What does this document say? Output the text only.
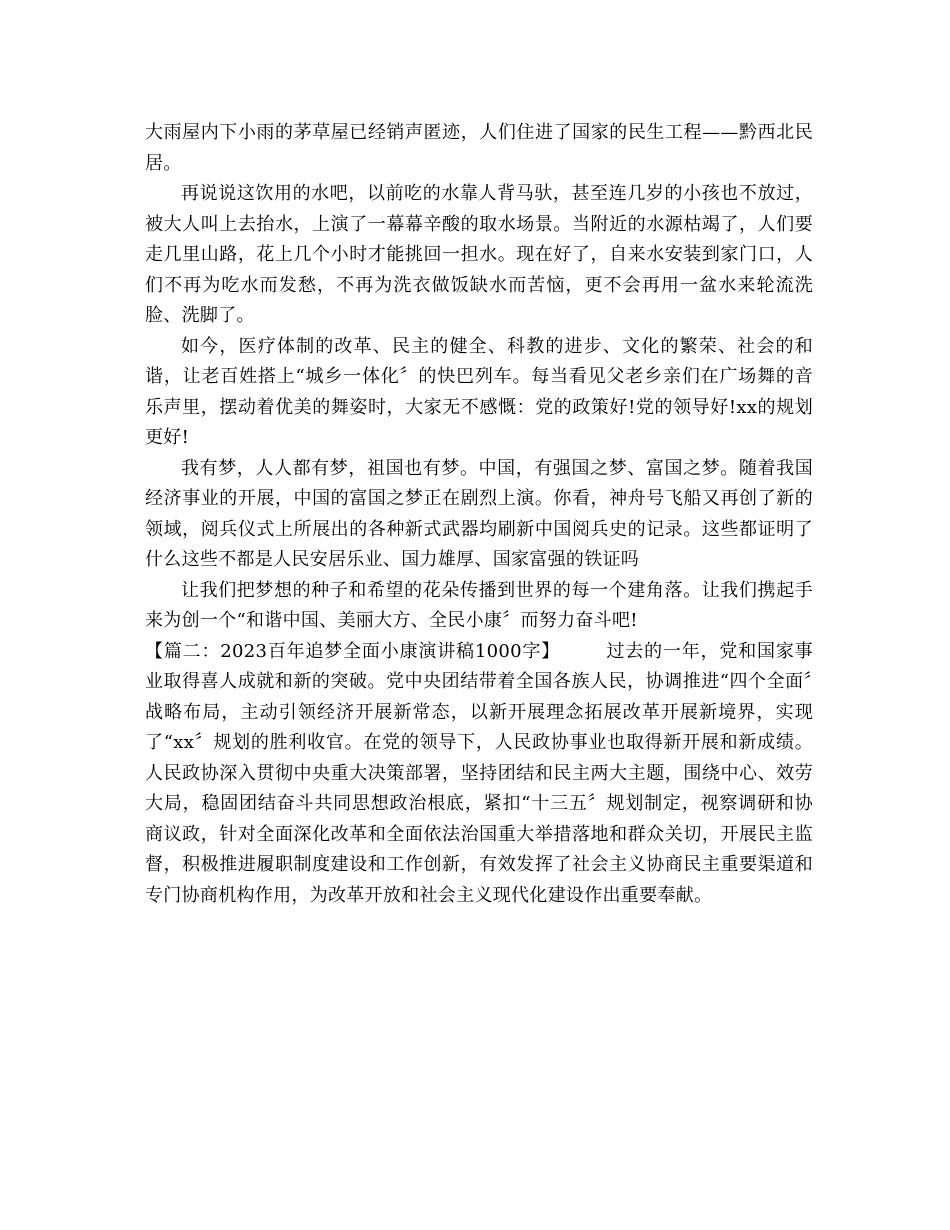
大雨屋内下小雨的茅草屋已经销声匿迹，人们住进了国家的民生工程——黔西北民居。

再说说这饮用的水吧，以前吃的水靠人背马驮，甚至连几岁的小孩也不放过，被大人叫上去抬水，上演了一幕幕辛酸的取水场景。当附近的水源枯竭了，人们要走几里山路，花上几个小时才能挑回一担水。现在好了，自来水安装到家门口，人们不再为吃水而发愁，不再为洗衣做饭缺水而苦恼，更不会再用一盆水来轮流洗脸、洗脚了。

如今，医疗体制的改革、民主的健全、科教的进步、文化的繁荣、社会的和谐，让老百姓搭上“城乡一体化〞的快巴列车。每当看见父老乡亲们在广场舞的音乐声里，摆动着优美的舞姿时，大家无不感慨：党的政策好!党的领导好!xx的规划更好!

我有梦，人人都有梦，祖国也有梦。中国，有强国之梦、富国之梦。随着我国经济事业的开展，中国的富国之梦正在剧烈上演。你看，神舟号飞船又再创了新的领域，阅兵仪式上所展出的各种新式武器均刷新中国阅兵史的记录。这些都证明了什么这些不都是人民安居乐业、国力雄厚、国家富强的铁证吗

让我们把梦想的种子和希望的花朵传播到世界的每一个建角落。让我们携起手来为创一个“和谐中国、美丽大方、全民小康〞而努力奋斗吧!

【篇二：2023百年追梦全面小康演讲稿1000字】   	过去的一年，党和国家事业取得喜人成就和新的突破。党中央团结带着全国各族人民，协调推进“四个全面〞战略布局，主动引领经济开展新常态，以新开展理念拓展改革开展新境界，实现了“xx〞规划的胜利收官。在党的领导下，人民政协事业也取得新开展和新成绩。人民政协深入贯彻中央重大决策部署，坚持团结和民主两大主题，围绕中心、效劳大局，稳固团结奋斗共同思想政治根底，紧扣“十三五〞规划制定，视察调研和协商议政，针对全面深化改革和全面依法治国重大举措落地和群众关切，开展民主监督，积极推进履职制度建设和工作创新，有效发挥了社会主义协商民主重要渠道和专门协商机构作用，为改革开放和社会主义现代化建设作出重要奉献。
